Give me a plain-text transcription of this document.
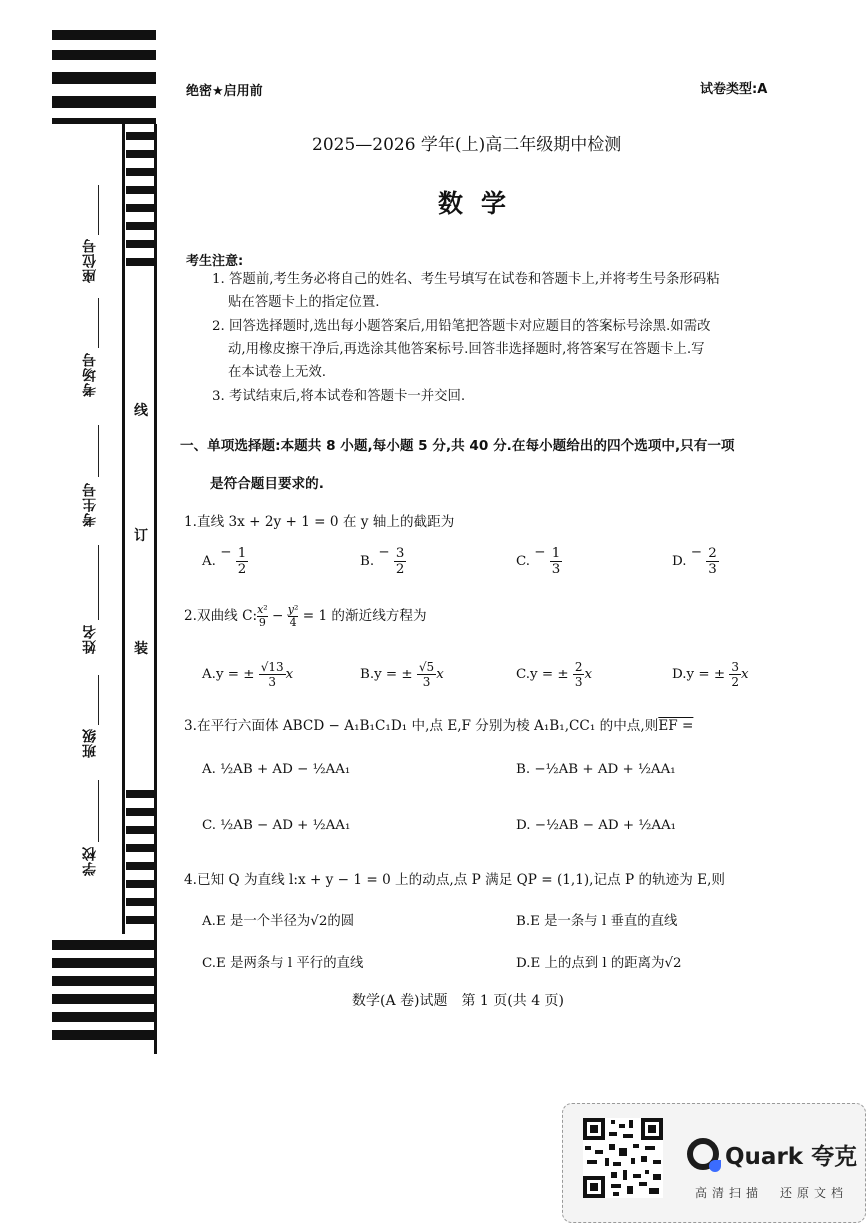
座位号
考场号
考生号
姓名
班级
学校
线
订
装
绝密★启用前	试卷类型:A
2025—2026 学年(上)高二年级期中检测
数学
考生注意:
1. 答题前,考生务必将自己的姓名、考生号填写在试卷和答题卡上,并将考生号条形码粘
贴在答题卡上的指定位置.
2. 回答选择题时,选出每小题答案后,用铅笔把答题卡对应题目的答案标号涂黑.如需改
动,用橡皮擦干净后,再选涂其他答案标号.回答非选择题时,将答案写在答题卡上.写
在本试卷上无效.
3. 考试结束后,将本试卷和答题卡一并交回.
一、单项选择题:本题共 8 小题,每小题 5 分,共 40 分.在每小题给出的四个选项中,只有一项
是符合题目要求的.
1.直线 3x + 2y + 1 = 0 在 y 轴上的截距为
A. − $\frac{1}{2}$	B. − $\frac{3}{2}$	C. − $\frac{1}{3}$	D. − $\frac{2}{3}$
2.双曲线 C: $\frac{\text{x²}}{9} - \frac{\text{y²}}{4} = 1$ 的渐近线方程为
A.y = ± $\frac{√13}{3}$ x	B.y = ± $\frac{√5}{3}$ x	C.y = ± $\frac{2}{3}$ x	D.y = ± $\frac{3}{2}$ x
3.在平行六面体 ABCD − A₁B₁C₁D₁ 中,点 E,F 分别为棱 A₁B₁,CC₁ 的中点,则EF =
A. ½AB + AD − ½AA₁	B. −½AB + AD + ½AA₁
C. ½AB − AD + ½AA₁	D. −½AB − AD + ½AA₁
4.已知 Q 为直线 l:x + y − 1 = 0 上的动点,点 P 满足 QP = (1,1),记点 P 的轨迹为 E,则
A.E 是一个半径为√2的圆	B.E 是一条与 l 垂直的直线
C.E 是两条与 l 平行的直线	D.E 上的点到 l 的距离为√2
数学(A 卷)试题　第 1 页(共 4 页)
Quark 夸克
高清扫描　还原文档
